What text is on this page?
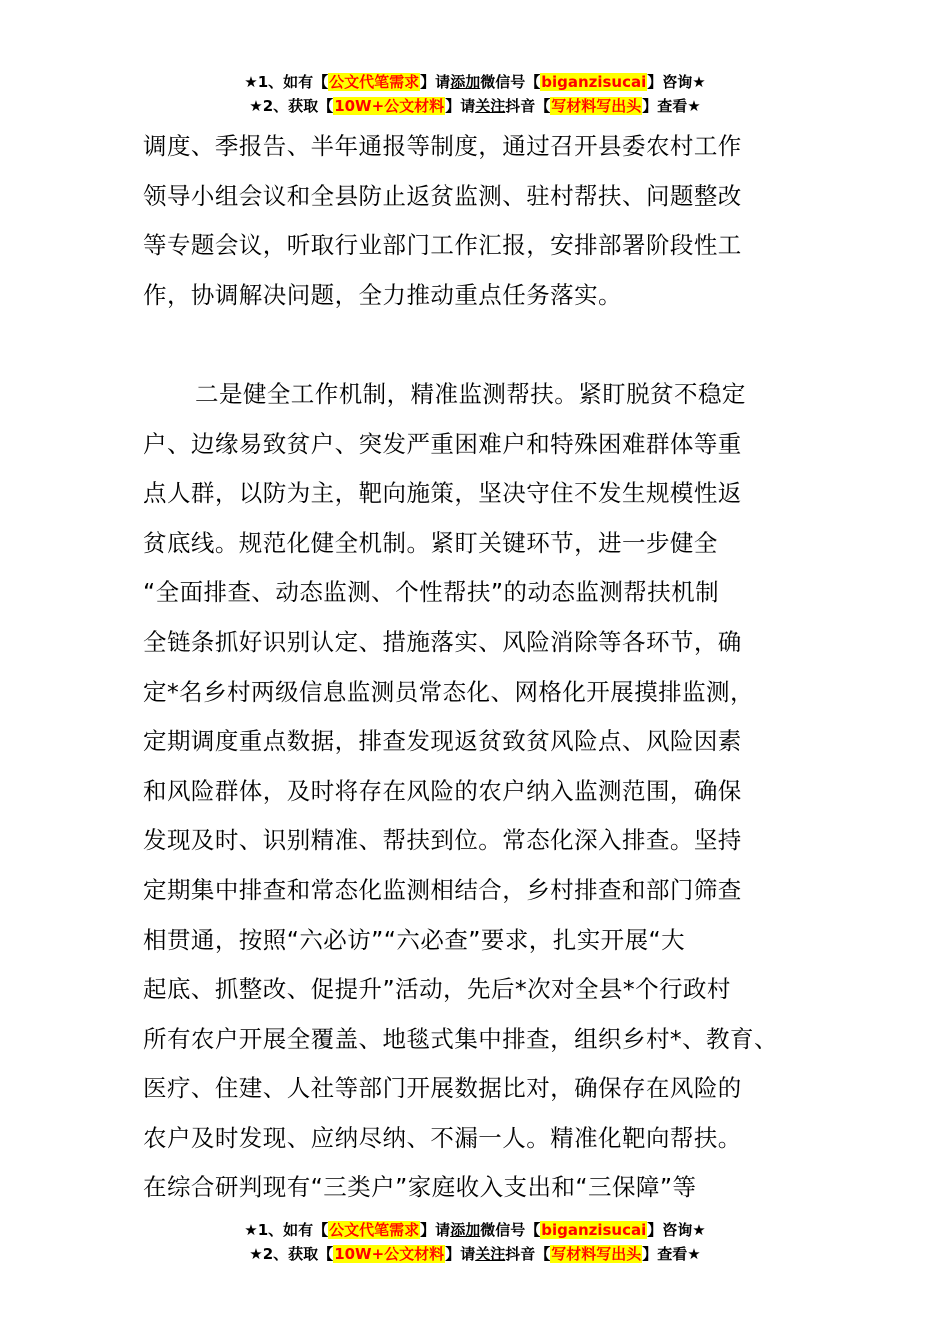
★1、如有【公文代笔需求】请添加微信号【biganzisucai】咨询★
★2、获取【10W+公文材料】请关注抖音【写材料写出头】查看★
调度、季报告、半年通报等制度，通过召开县委农村工作
领导小组会议和全县防止返贫监测、驻村帮扶、问题整改
等专题会议，听取行业部门工作汇报，安排部署阶段性工
作，协调解决问题，全力推动重点任务落实。
二是健全工作机制，精准监测帮扶。紧盯脱贫不稳定
户、边缘易致贫户、突发严重困难户和特殊困难群体等重
点人群，以防为主，靶向施策，坚决守住不发生规模性返
贫底线。规范化健全机制。紧盯关键环节，进一步健全
“全面排查、动态监测、个性帮扶”的动态监测帮扶机制
全链条抓好识别认定、措施落实、风险消除等各环节，确
定*名乡村两级信息监测员常态化、网格化开展摸排监测，
定期调度重点数据，排查发现返贫致贫风险点、风险因素
和风险群体，及时将存在风险的农户纳入监测范围，确保
发现及时、识别精准、帮扶到位。常态化深入排查。坚持
定期集中排查和常态化监测相结合，乡村排查和部门筛查
相贯通，按照“六必访”“六必查”要求，扎实开展“大
起底、抓整改、促提升”活动，先后*次对全县*个行政村
所有农户开展全覆盖、地毯式集中排查，组织乡村*、教育、
医疗、住建、人社等部门开展数据比对，确保存在风险的
农户及时发现、应纳尽纳、不漏一人。精准化靶向帮扶。
在综合研判现有“三类户”家庭收入支出和“三保障”等
★1、如有【公文代笔需求】请添加微信号【biganzisucai】咨询★
★2、获取【10W+公文材料】请关注抖音【写材料写出头】查看★
